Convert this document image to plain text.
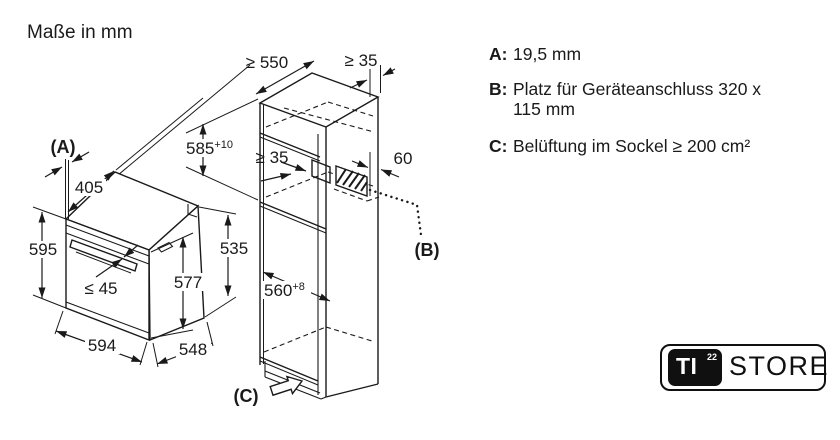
(A)
405
595
≤ 45	577
535
594	548
≥ 550	≥ 35
$585^{+10}$
≥ 35	60
$560^{+8}$
(B)
(C)
Maße in mm
A: 19,5 mm
B: Platz für Geräteanschluss 320 x
115 mm
C: Belüftung im Sockel ≥ 200 cm²
TI 22 STORE
